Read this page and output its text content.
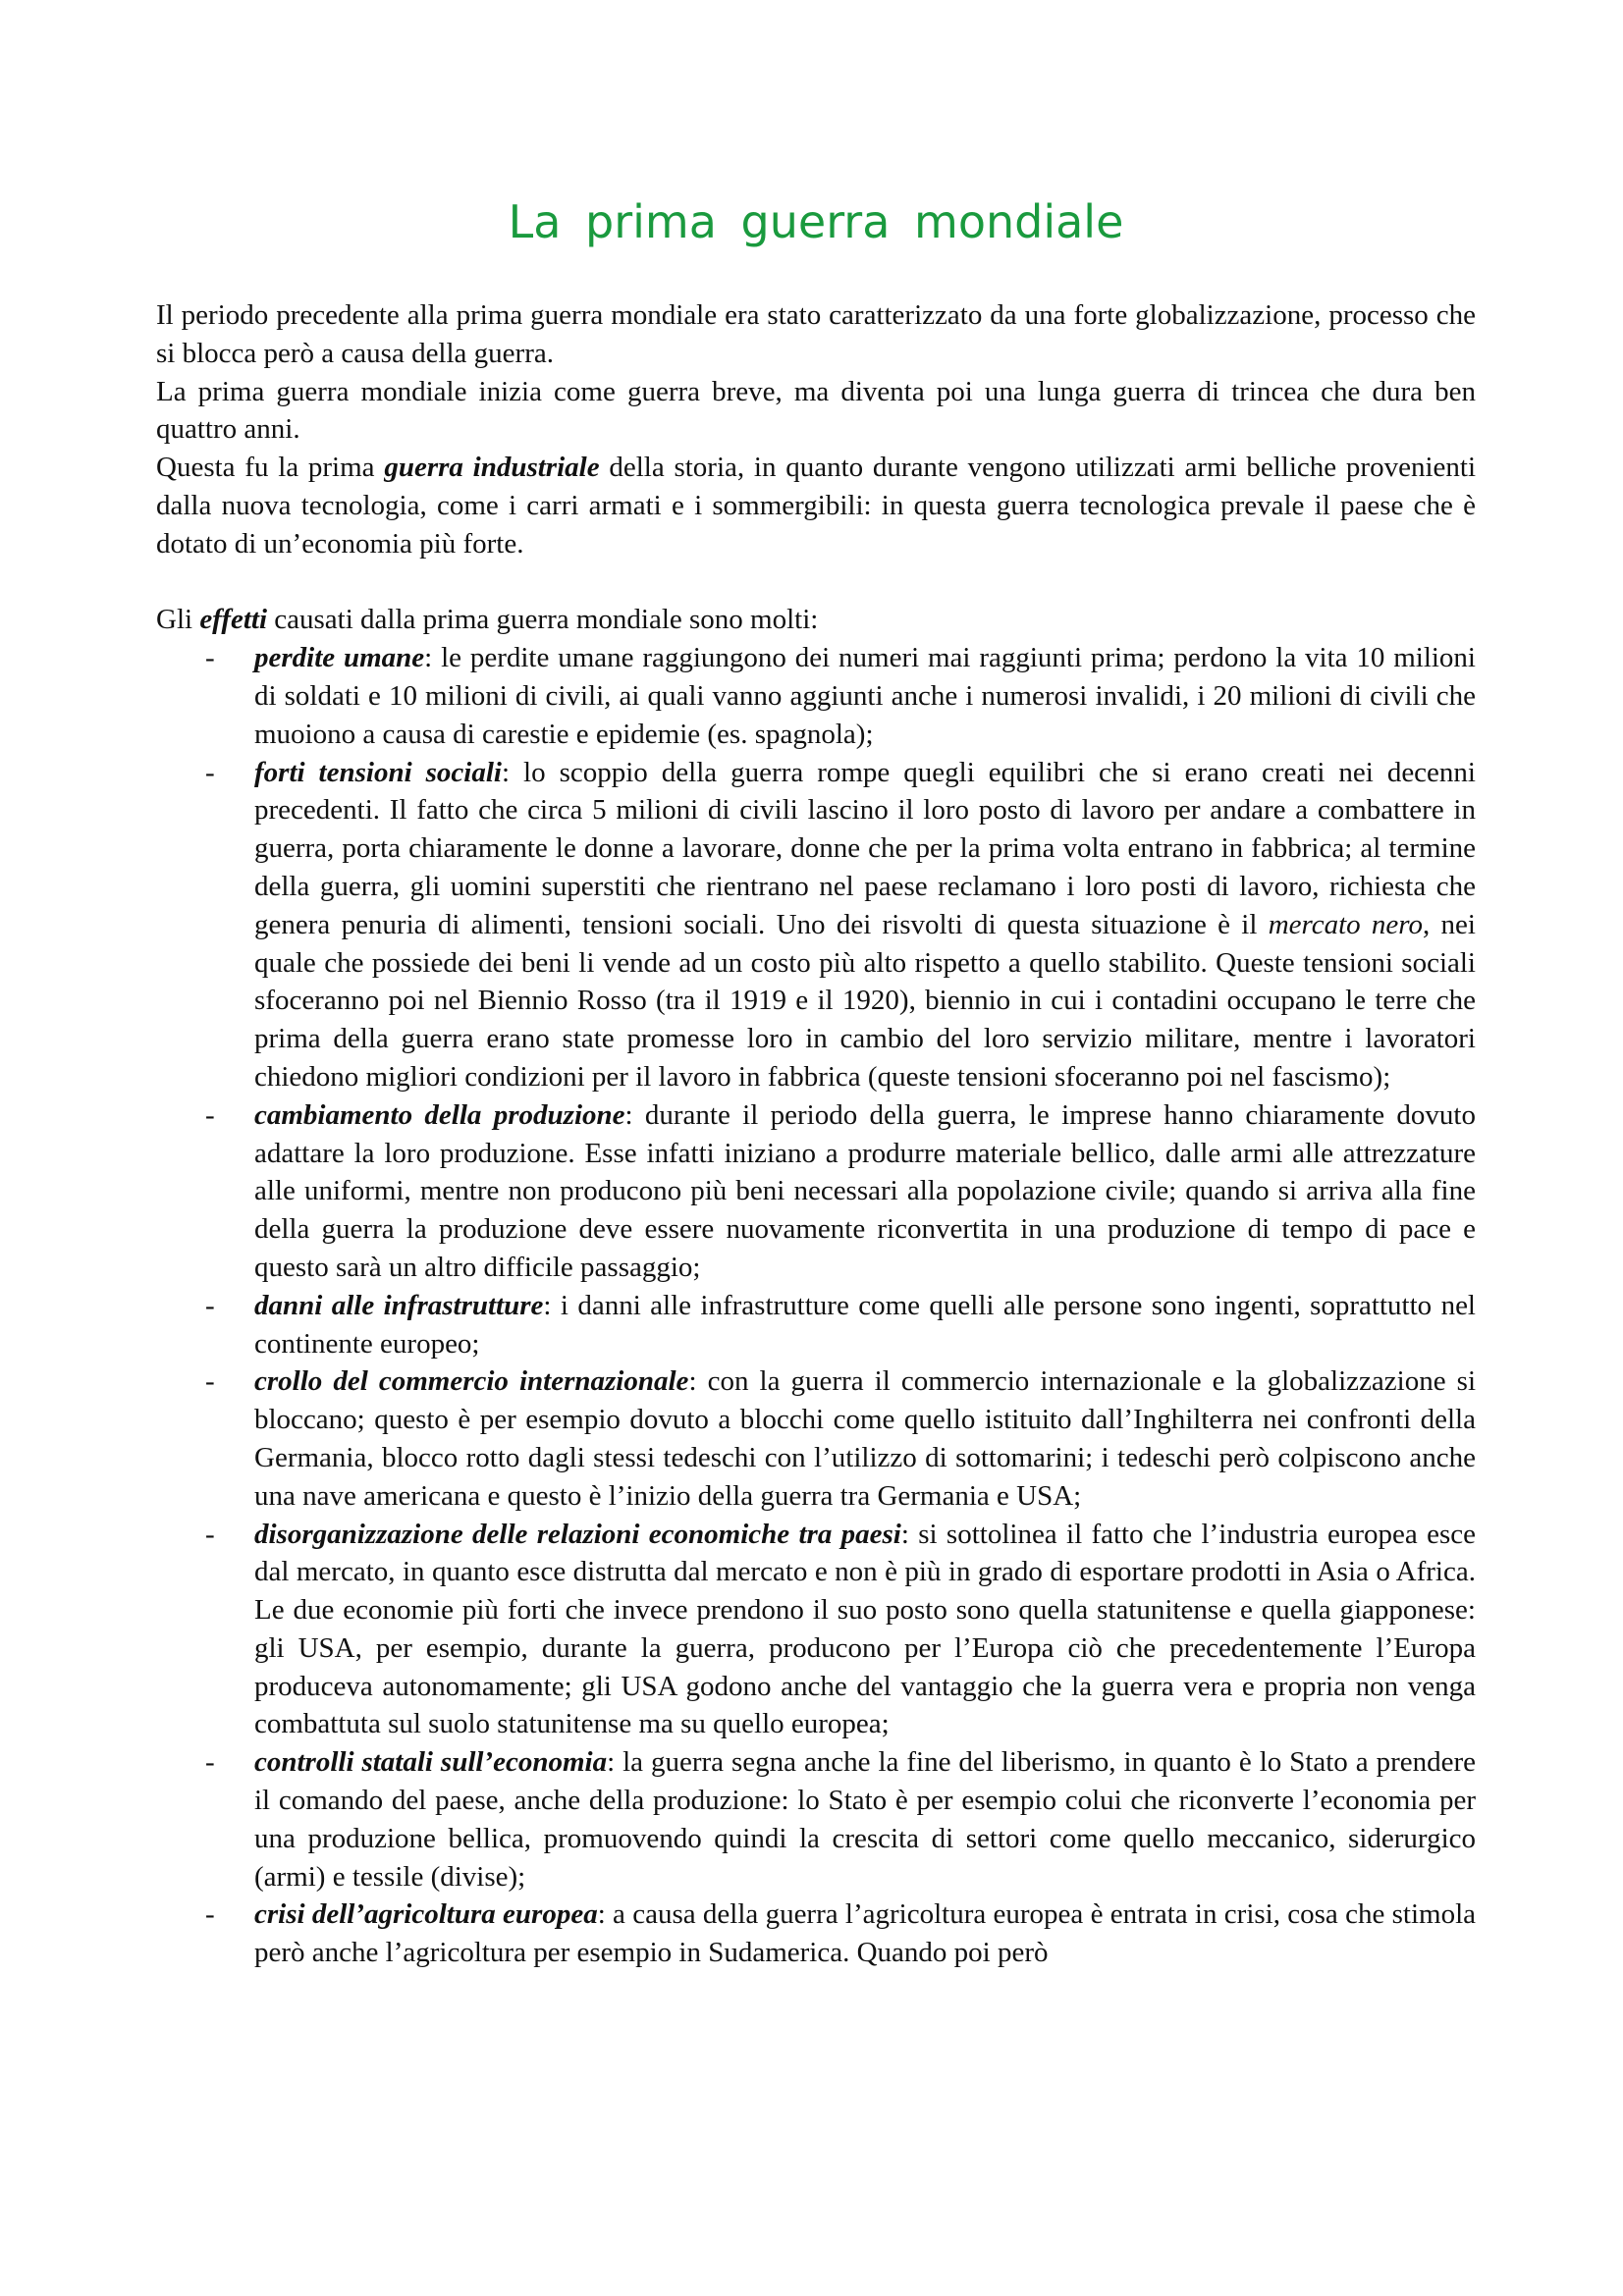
La prima guerra mondiale

Il periodo precedente alla prima guerra mondiale era stato caratterizzato da una forte globalizzazione, processo che si blocca però a causa della guerra.

La prima guerra mondiale inizia come guerra breve, ma diventa poi una lunga guerra di trincea che dura ben quattro anni.

Questa fu la prima guerra industriale della storia, in quanto durante vengono utilizzati armi belliche provenienti dalla nuova tecnologia, come i carri armati e i sommergibili: in questa guerra tecnologica prevale il paese che è dotato di un’economia più forte.

Gli effetti causati dalla prima guerra mondiale sono molti:

- perdite umane: le perdite umane raggiungono dei numeri mai raggiunti prima; perdono la vita 10 milioni di soldati e 10 milioni di civili, ai quali vanno aggiunti anche i numerosi invalidi, i 20 milioni di civili che muoiono a causa di carestie e epidemie (es. spagnola);
- forti tensioni sociali: lo scoppio della guerra rompe quegli equilibri che si erano creati nei decenni precedenti. Il fatto che circa 5 milioni di civili lascino il loro posto di lavoro per andare a combattere in guerra, porta chiaramente le donne a lavorare, donne che per la prima volta entrano in fabbrica; al termine della guerra, gli uomini superstiti che rientrano nel paese reclamano i loro posti di lavoro, richiesta che genera penuria di alimenti, tensioni sociali. Uno dei risvolti di questa situazione è il mercato nero, nei quale che possiede dei beni li vende ad un costo più alto rispetto a quello stabilito. Queste tensioni sociali sfoceranno poi nel Biennio Rosso (tra il 1919 e il 1920), biennio in cui i contadini occupano le terre che prima della guerra erano state promesse loro in cambio del loro servizio militare, mentre i lavoratori chiedono migliori condizioni per il lavoro in fabbrica (queste tensioni sfoceranno poi nel fascismo);
- cambiamento della produzione: durante il periodo della guerra, le imprese hanno chiaramente dovuto adattare la loro produzione. Esse infatti iniziano a produrre materiale bellico, dalle armi alle attrezzature alle uniformi, mentre non producono più beni necessari alla popolazione civile; quando si arriva alla fine della guerra la produzione deve essere nuovamente riconvertita in una produzione di tempo di pace e questo sarà un altro difficile passaggio;
- danni alle infrastrutture: i danni alle infrastrutture come quelli alle persone sono ingenti, soprattutto nel continente europeo;
- crollo del commercio internazionale: con la guerra il commercio internazionale e la globalizzazione si bloccano; questo è per esempio dovuto a blocchi come quello istituito dall’Inghilterra nei confronti della Germania, blocco rotto dagli stessi tedeschi con l’utilizzo di sottomarini; i tedeschi però colpiscono anche una nave americana e questo è l’inizio della guerra tra Germania e USA;
- disorganizzazione delle relazioni economiche tra paesi: si sottolinea il fatto che l’industria europea esce dal mercato, in quanto esce distrutta dal mercato e non è più in grado di esportare prodotti in Asia o Africa. Le due economie più forti che invece prendono il suo posto sono quella statunitense e quella giapponese: gli USA, per esempio, durante la guerra, producono per l’Europa ciò che precedentemente l’Europa produceva autonomamente; gli USA godono anche del vantaggio che la guerra vera e propria non venga combattuta sul suolo statunitense ma su quello europea;
- controlli statali sull’economia: la guerra segna anche la fine del liberismo, in quanto è lo Stato a prendere il comando del paese, anche della produzione: lo Stato è per esempio colui che riconverte l’economia per una produzione bellica, promuovendo quindi la crescita di settori come quello meccanico, siderurgico (armi) e tessile (divise);
- crisi dell’agricoltura europea: a causa della guerra l’agricoltura europea è entrata in crisi, cosa che stimola però anche l’agricoltura per esempio in Sudamerica. Quando poi però
